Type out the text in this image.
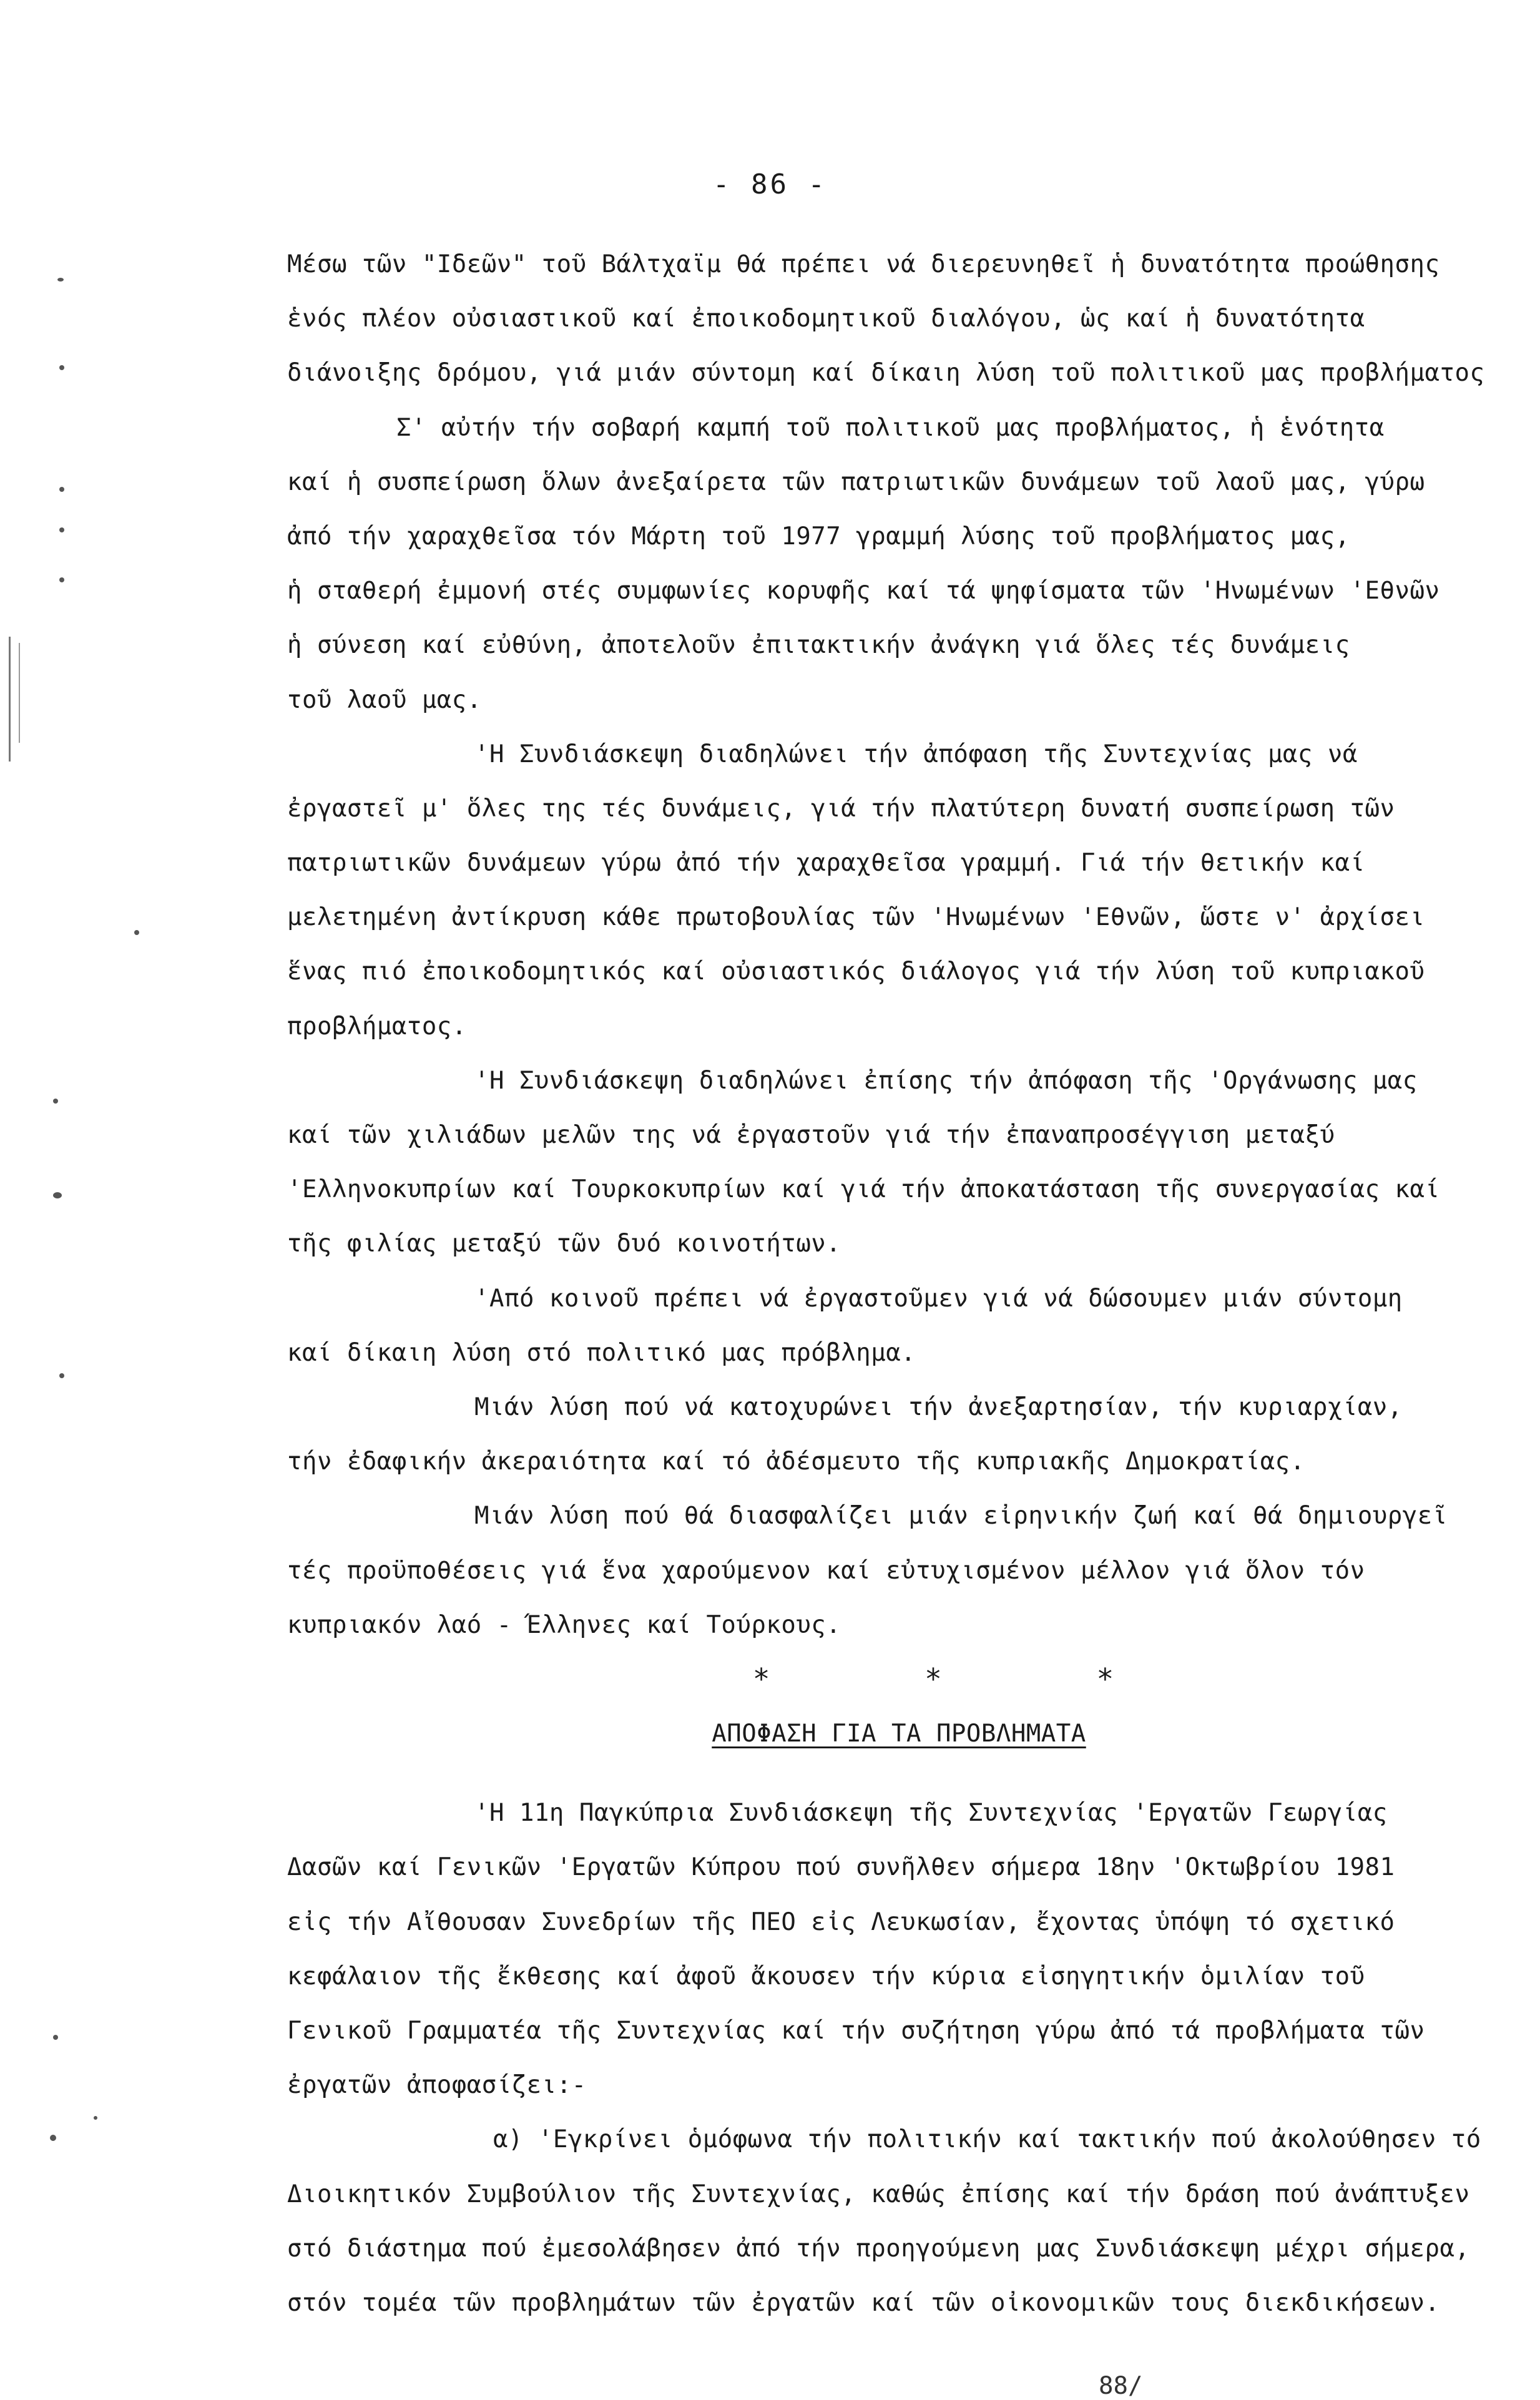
- 86 -
Μέσω τῶν "Ιδεῶν" τοῦ Βάλτχαϊμ θά πρέπει νά διερευνηθεῖ ἡ δυνατότητα προώθησης
ἑνός πλέον οὐσιαστικοῦ καί ἐποικοδομητικοῦ διαλόγου, ὡς καί ἡ δυνατότητα
διάνοιξης δρόμου, γιά μιάν σύντομη καί δίκαιη λύση τοῦ πολιτικοῦ μας προβλήματος
Σ' αὐτήν τήν σοβαρή καμπή τοῦ πολιτικοῦ μας προβλήματος, ἡ ἑνότητα
καί ἡ συσπείρωση ὅλων ἀνεξαίρετα τῶν πατριωτικῶν δυνάμεων τοῦ λαοῦ μας, γύρω
ἀπό τήν χαραχθεῖσα τόν Μάρτη τοῦ 1977 γραμμή λύσης τοῦ προβλήματος μας,
ἡ σταθερή ἐμμονή στές συμφωνίες κορυφῆς καί τά ψηφίσματα τῶν 'Ηνωμένων 'Εθνῶν
ἡ σύνεση καί εὐθύνη, ἀποτελοῦν ἐπιτακτικήν ἀνάγκη γιά ὅλες τές δυνάμεις
τοῦ λαοῦ μας.
'Η Συνδιάσκεψη διαδηλώνει τήν ἀπόφαση τῆς Συντεχνίας μας νά
ἐργαστεῖ μ' ὅλες της τές δυνάμεις, γιά τήν πλατύτερη δυνατή συσπείρωση τῶν
πατριωτικῶν δυνάμεων γύρω ἀπό τήν χαραχθεῖσα γραμμή. Γιά τήν θετικήν καί
μελετημένη ἀντίκρυση κάθε πρωτοβουλίας τῶν 'Ηνωμένων 'Εθνῶν, ὥστε ν' ἀρχίσει
ἕνας πιό ἐποικοδομητικός καί οὐσιαστικός διάλογος γιά τήν λύση τοῦ κυπριακοῦ
προβλήματος.
'Η Συνδιάσκεψη διαδηλώνει ἐπίσης τήν ἀπόφαση τῆς 'Οργάνωσης μας
καί τῶν χιλιάδων μελῶν της νά ἐργαστοῦν γιά τήν ἐπαναπροσέγγιση μεταξύ
'Ελληνοκυπρίων καί Τουρκοκυπρίων καί γιά τήν ἀποκατάσταση τῆς συνεργασίας καί
τῆς φιλίας μεταξύ τῶν δυό κοινοτήτων.
'Από κοινοῦ πρέπει νά ἐργαστοῦμεν γιά νά δώσουμεν μιάν σύντομη
καί δίκαιη λύση στό πολιτικό μας πρόβλημα.
Μιάν λύση πού νά κατοχυρώνει τήν ἀνεξαρτησίαν, τήν κυριαρχίαν,
τήν ἐδαφικήν ἀκεραιότητα καί τό ἀδέσμευτο τῆς κυπριακῆς Δημοκρατίας.
Μιάν λύση πού θά διασφαλίζει μιάν εἰρηνικήν ζωή καί θά δημιουργεῖ
τές προϋποθέσεις γιά ἕνα χαρούμενον καί εὐτυχισμένον μέλλον γιά ὅλον τόν
κυπριακόν λαό - Έλληνες καί Τούρκους.
* * *
ΑΠΟΦΑΣΗ ΓΙΑ ΤΑ ΠΡΟΒΛΗΜΑΤΑ
'Η 11η Παγκύπρια Συνδιάσκεψη τῆς Συντεχνίας 'Εργατῶν Γεωργίας
Δασῶν καί Γενικῶν 'Εργατῶν Κύπρου πού συνῆλθεν σήμερα 18ην 'Οκτωβρίου 1981
εἰς τήν Αἴθουσαν Συνεδρίων τῆς ΠΕΟ εἰς Λευκωσίαν, ἔχοντας ὑπόψη τό σχετικό
κεφάλαιον τῆς ἔκθεσης καί ἀφοῦ ἄκουσεν τήν κύρια εἰσηγητικήν ὁμιλίαν τοῦ
Γενικοῦ Γραμματέα τῆς Συντεχνίας καί τήν συζήτηση γύρω ἀπό τά προβλήματα τῶν
ἐργατῶν ἀποφασίζει:-
α) 'Εγκρίνει ὁμόφωνα τήν πολιτικήν καί τακτικήν πού ἀκολούθησεν τό
Διοικητικόν Συμβούλιον τῆς Συντεχνίας, καθώς ἐπίσης καί τήν δράση πού ἀνάπτυξεν
στό διάστημα πού ἐμεσολάβησεν ἀπό τήν προηγούμενη μας Συνδιάσκεψη μέχρι σήμερα,
στόν τομέα τῶν προβλημάτων τῶν ἐργατῶν καί τῶν οἰκονομικῶν τους διεκδικήσεων.
88/
